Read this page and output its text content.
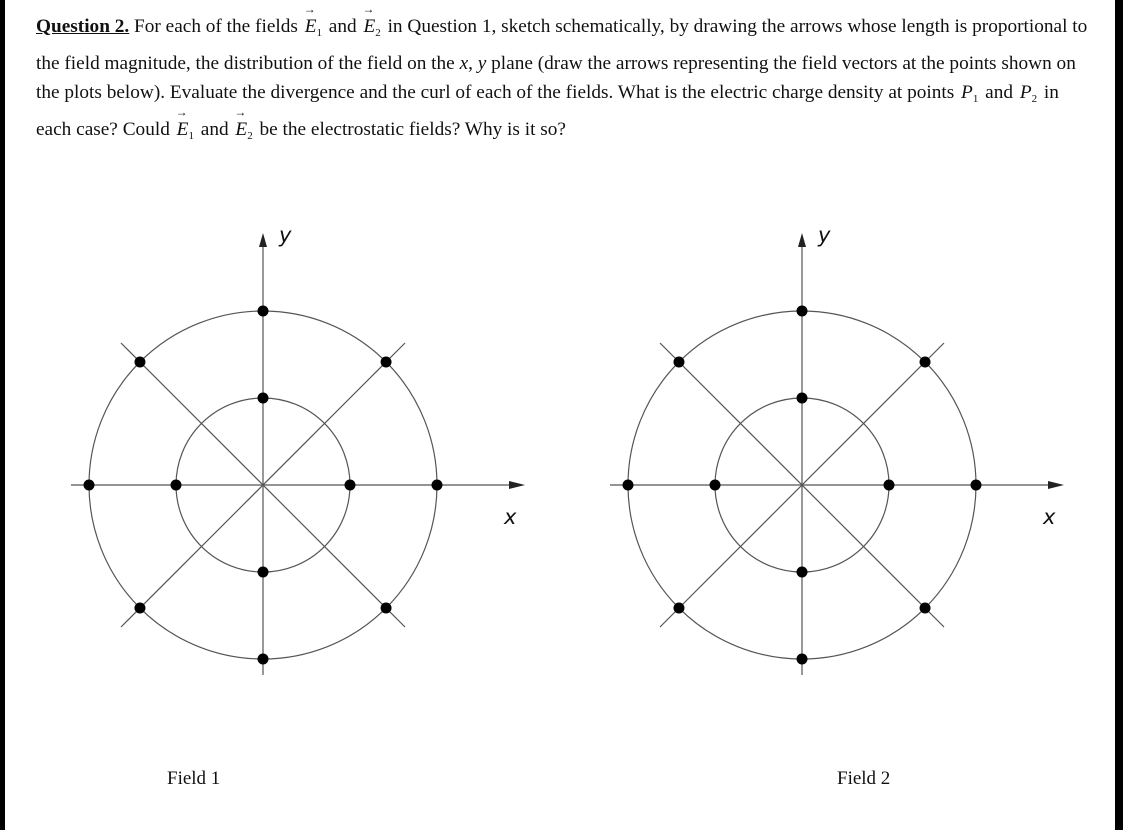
Question 2. For each of the fields
→
$E_1$ and
→
$E_2$ in Question 1, sketch schematically, by drawing the arrows whose length is proportional to the field magnitude, the distribution of the field on the x, y plane (draw the arrows representing the field vectors at the points shown on the plots below). Evaluate the divergence and the curl of each of the fields. What is the electric charge density at points $P_1$ and $P_2$ in each case? Could
→
$E_1$ and
→
$E_2$ be the electrostatic fields? Why is it so?

x
y
x
y
Field 1	Field 2
